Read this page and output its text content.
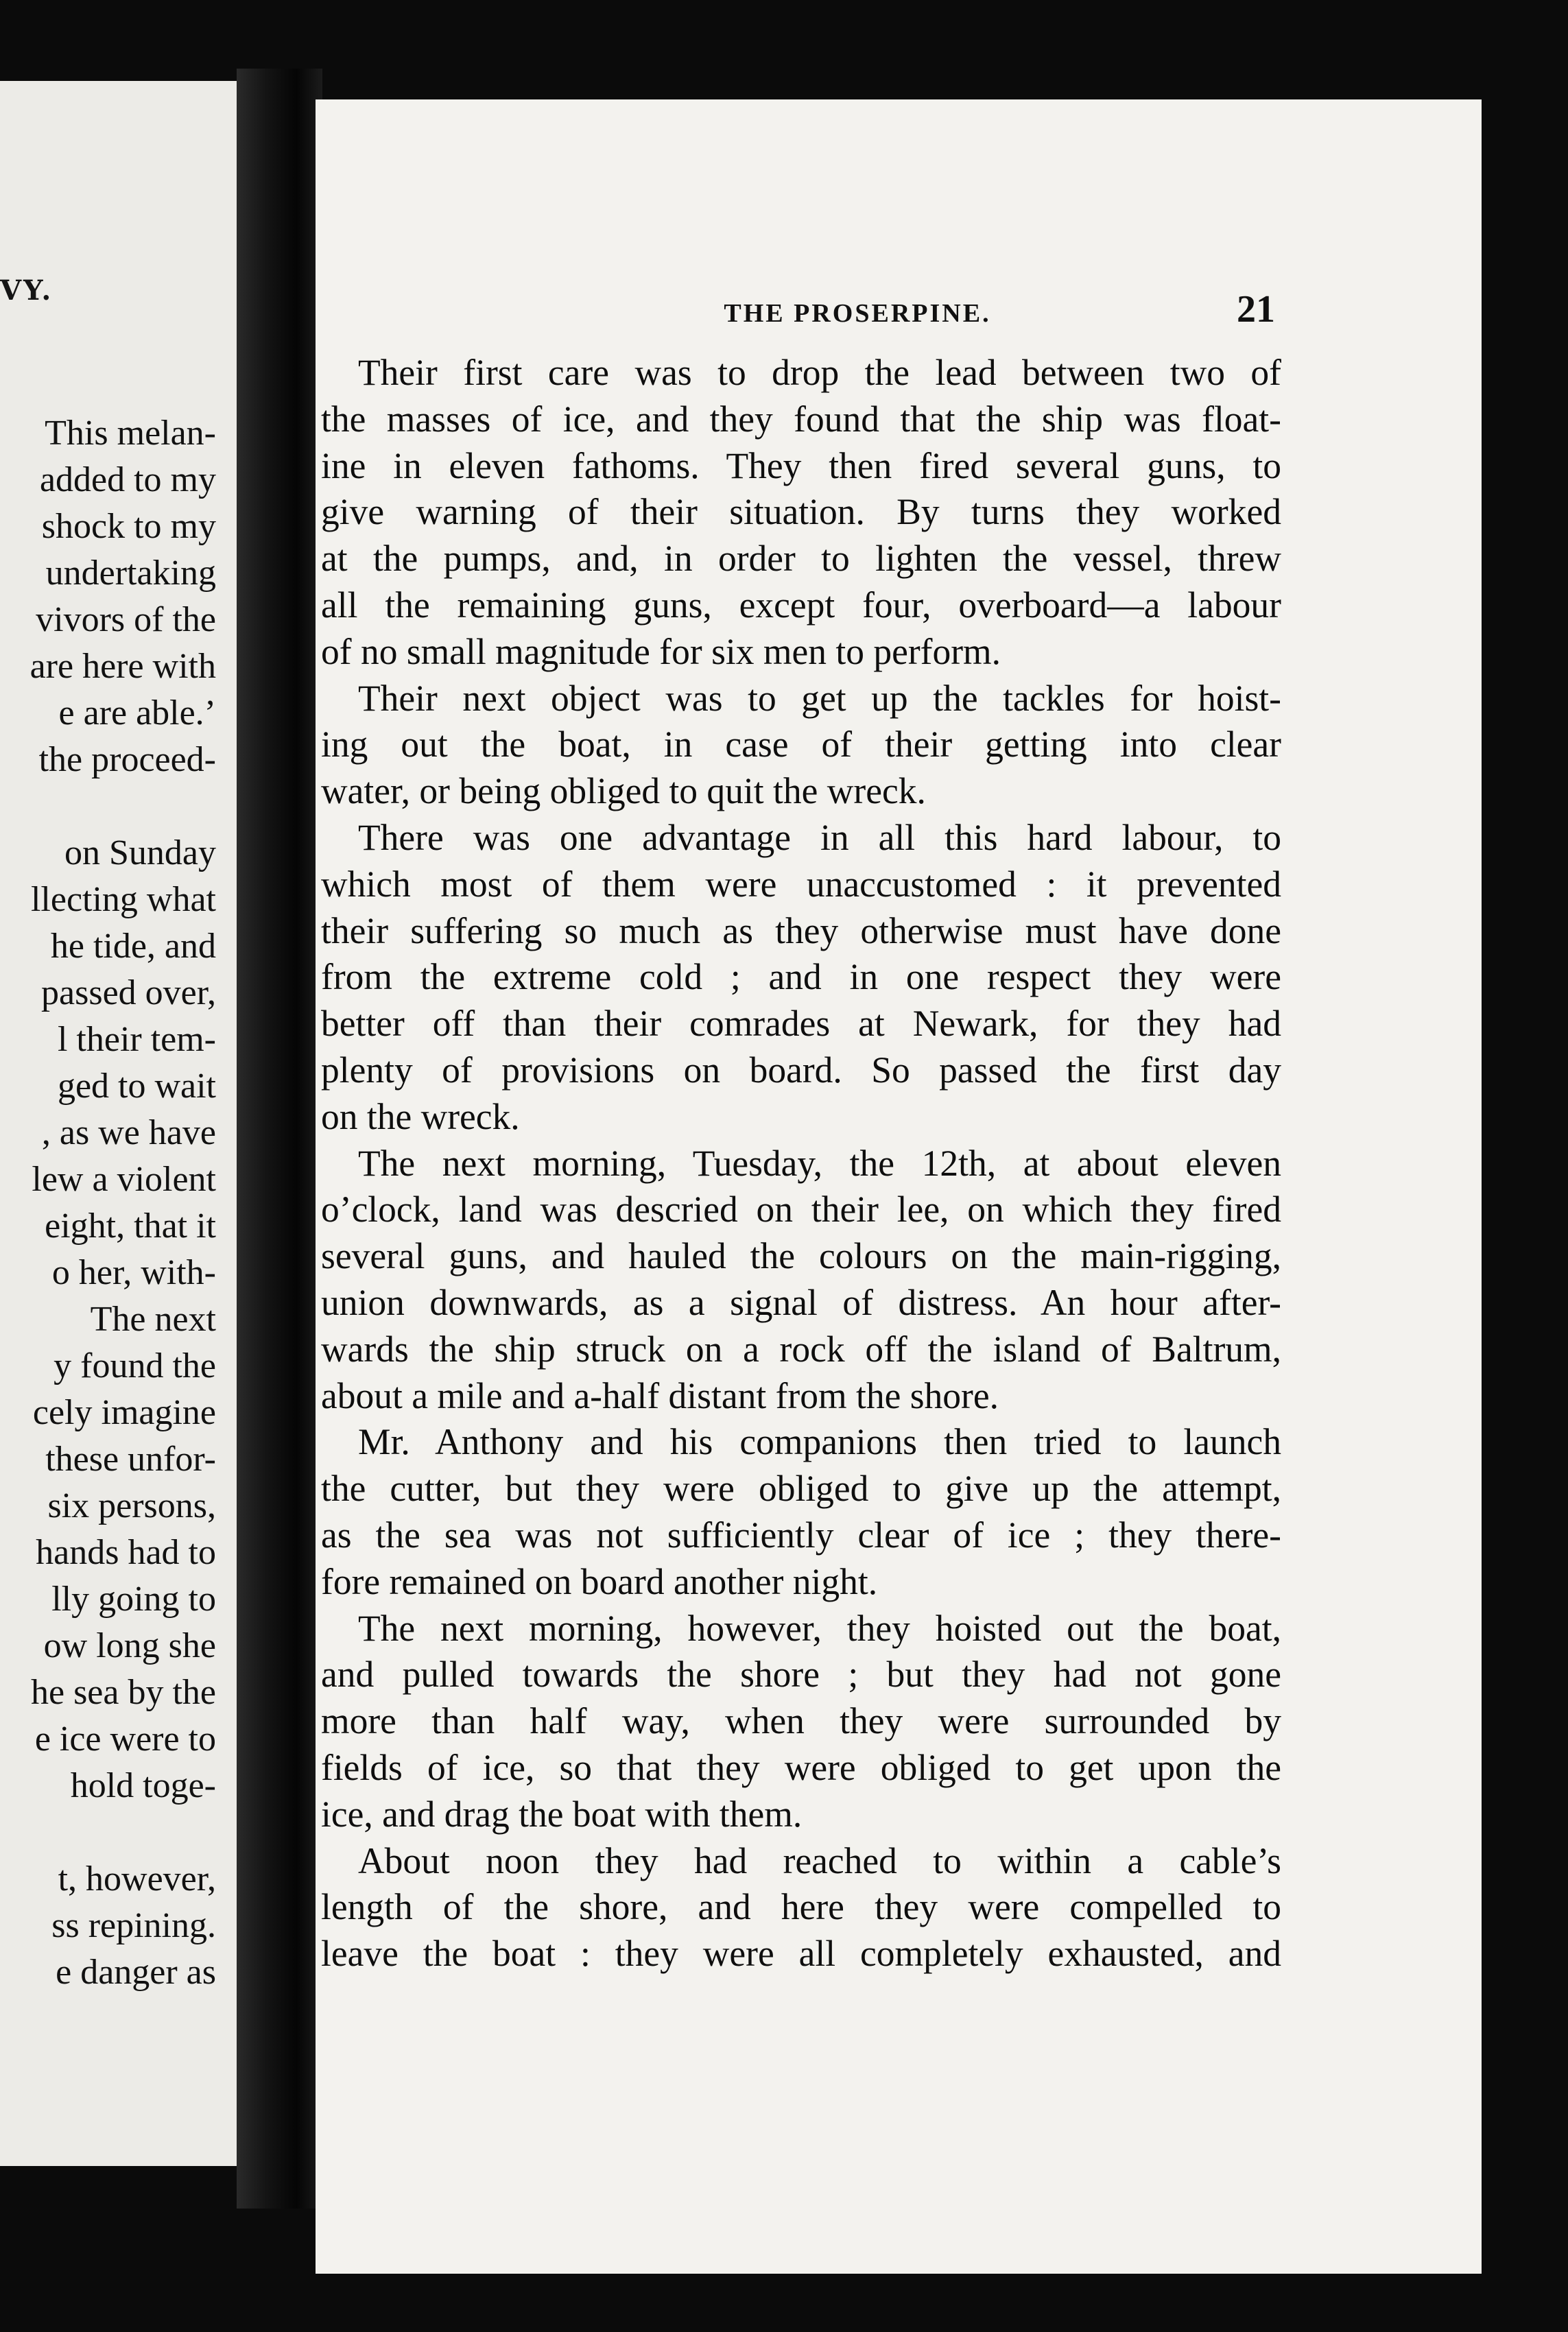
VY.
This melan-
added to my
shock to my
undertaking
vivors of the
are here with
e are able.’
the proceed-
on Sunday
llecting what
he tide, and
passed over,
l their tem-
ged to wait
, as we have
lew a violent
eight, that it
o her, with-
The next
y found the
cely imagine
these unfor-
six persons,
hands had to
lly going to
ow long she
he sea by the
e ice were to
hold toge-
t, however,
ss repining.
e danger as
THE PROSERPINE.	21
Their first care was to drop the lead between two of
the masses of ice, and they found that the ship was float-
ine in eleven fathoms. They then fired several guns, to
give warning of their situation. By turns they worked
at the pumps, and, in order to lighten the vessel, threw
all the remaining guns, except four, overboard—a labour
of no small magnitude for six men to perform.
Their next object was to get up the tackles for hoist-
ing out the boat, in case of their getting into clear
water, or being obliged to quit the wreck.
There was one advantage in all this hard labour, to
which most of them were unaccustomed : it prevented
their suffering so much as they otherwise must have done
from the extreme cold ; and in one respect they were
better off than their comrades at Newark, for they had
plenty of provisions on board. So passed the first day
on the wreck.
The next morning, Tuesday, the 12th, at about eleven
o’clock, land was descried on their lee, on which they fired
several guns, and hauled the colours on the main-rigging,
union downwards, as a signal of distress. An hour after-
wards the ship struck on a rock off the island of Baltrum,
about a mile and a-half distant from the shore.
Mr. Anthony and his companions then tried to launch
the cutter, but they were obliged to give up the attempt,
as the sea was not sufficiently clear of ice ; they there-
fore remained on board another night.
The next morning, however, they hoisted out the boat,
and pulled towards the shore ; but they had not gone
more than half way, when they were surrounded by
fields of ice, so that they were obliged to get upon the
ice, and drag the boat with them.
About noon they had reached to within a cable’s
length of the shore, and here they were compelled to
leave the boat : they were all completely exhausted, and
